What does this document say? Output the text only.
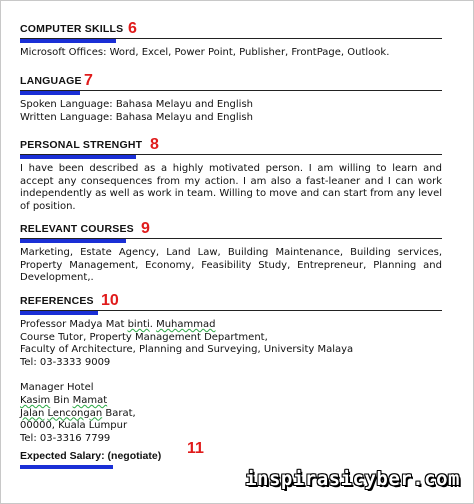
COMPUTER SKILLS 6
Microsoft Offices: Word, Excel, Power Point, Publisher, FrontPage, Outlook.
LANGUAGE 7
Spoken Language: Bahasa Melayu and English
Written Language: Bahasa Melayu and English
PERSONAL STRENGHT 8
I have been described as a highly motivated person. I am willing to learn and accept any consequences from my action. I am also a fast-leaner and I can work independently as well as work in team. Willing to move and can start from any level of position.
RELEVANT COURSES 9
Marketing, Estate Agency, Land Law, Building Maintenance, Building services, Property Management, Economy, Feasibility Study, Entrepreneur, Planning and Development,.
REFERENCES 10
Professor Madya Mat binti. Muhammad
Course Tutor, Property Management Department,
Faculty of Architecture, Planning and Surveying, University Malaya
Tel: 03-3333 9009
Manager Hotel
Kasim Bin Mamat
Jalan Lencongan Barat,
00000, Kuala Lumpur
Tel: 03-3316 7799
Expected Salary: (negotiate) 11
inspirasicyber.com
